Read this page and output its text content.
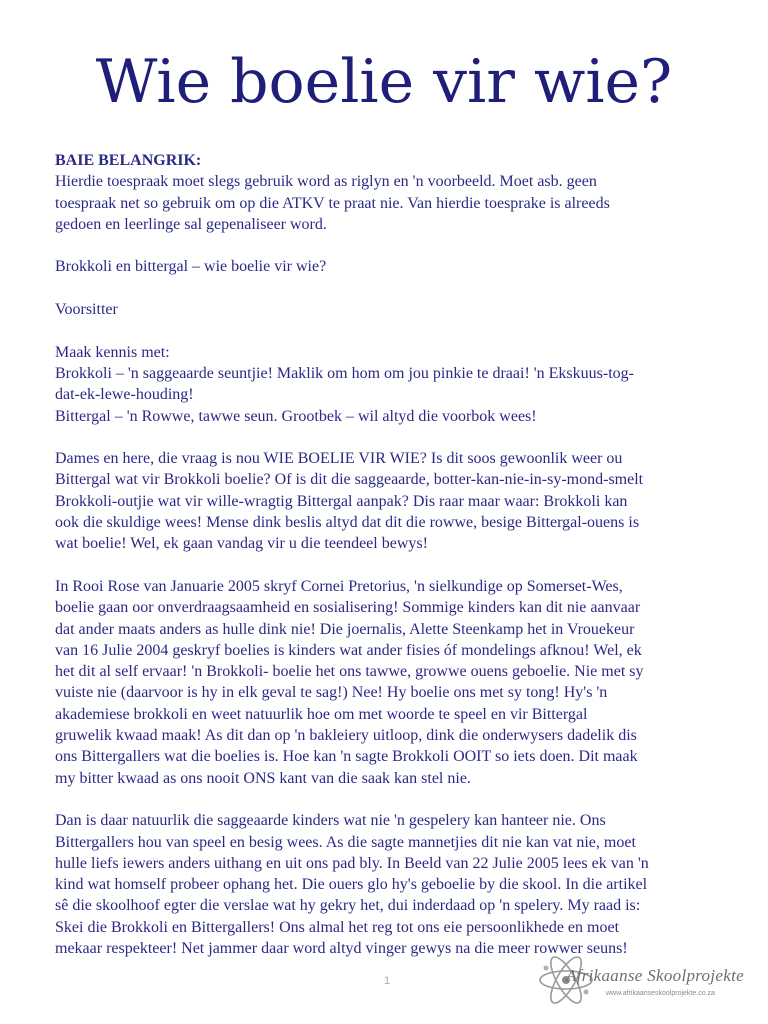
Wie boelie vir wie?

BAIE BELANGRIK:
Hierdie toespraak moet slegs gebruik word as riglyn en 'n voorbeeld. Moet asb. geen
toespraak net so gebruik om op die ATKV te praat nie. Van hierdie toesprake is alreeds
gedoen en leerlinge sal gepenaliseer word.

Brokkoli en bittergal – wie boelie vir wie?

Voorsitter

Maak kennis met:
Brokkoli – 'n saggeaarde seuntjie! Maklik om hom om jou pinkie te draai! 'n Ekskuus-tog-
dat-ek-lewe-houding!
Bittergal – 'n Rowwe, tawwe seun. Grootbek – wil altyd die voorbok wees!

Dames en here, die vraag is nou WIE BOELIE VIR WIE? Is dit soos gewoonlik weer ou
Bittergal wat vir Brokkoli boelie? Of is dit die saggeaarde, botter-kan-nie-in-sy-mond-smelt
Brokkoli-outjie wat vir wille-wragtig Bittergal aanpak? Dis raar maar waar: Brokkoli kan
ook die skuldige wees! Mense dink beslis altyd dat dit die rowwe, besige Bittergal-ouens is
wat boelie! Wel, ek gaan vandag vir u die teendeel bewys!

In Rooi Rose van Januarie 2005 skryf Cornei Pretorius, 'n sielkundige op Somerset-Wes,
boelie gaan oor onverdraagsaamheid en sosialisering! Sommige kinders kan dit nie aanvaar
dat ander maats anders as hulle dink nie! Die joernalis, Alette Steenkamp het in Vrouekeur
van 16 Julie 2004 geskryf boelies is kinders wat ander fisies óf mondelings afknou! Wel, ek
het dit al self ervaar! 'n Brokkoli- boelie het ons tawwe, growwe ouens geboelie. Nie met sy
vuiste nie (daarvoor is hy in elk geval te sag!) Nee! Hy boelie ons met sy tong! Hy's 'n
akademiese brokkoli en weet natuurlik hoe om met woorde te speel en vir Bittergal
gruwelik kwaad maak! As dit dan op 'n bakleiery uitloop, dink die onderwysers dadelik dis
ons Bittergallers wat die boelies is. Hoe kan 'n sagte Brokkoli OOIT so iets doen. Dit maak
my bitter kwaad as ons nooit ONS kant van die saak kan stel nie.

Dan is daar natuurlik die saggeaarde kinders wat nie 'n gespelery kan hanteer nie. Ons
Bittergallers hou van speel en besig wees. As die sagte mannetjies dit nie kan vat nie, moet
hulle liefs iewers anders uithang en uit ons pad bly. In Beeld van 22 Julie 2005 lees ek van 'n
kind wat homself probeer ophang het. Die ouers glo hy's geboelie by die skool. In die artikel
sê die skoolhoof egter die verslae wat hy gekry het, dui inderdaad op 'n spelery. My raad is:
Skei die Brokkoli en Bittergallers! Ons almal het reg tot ons eie persoonlikhede en moet
mekaar respekteer! Net jammer daar word altyd vinger gewys na die meer rowwer seuns!

1	Afrikaanse Skoolprojekte
www.afrikaanseskoolprojekte.co.za
